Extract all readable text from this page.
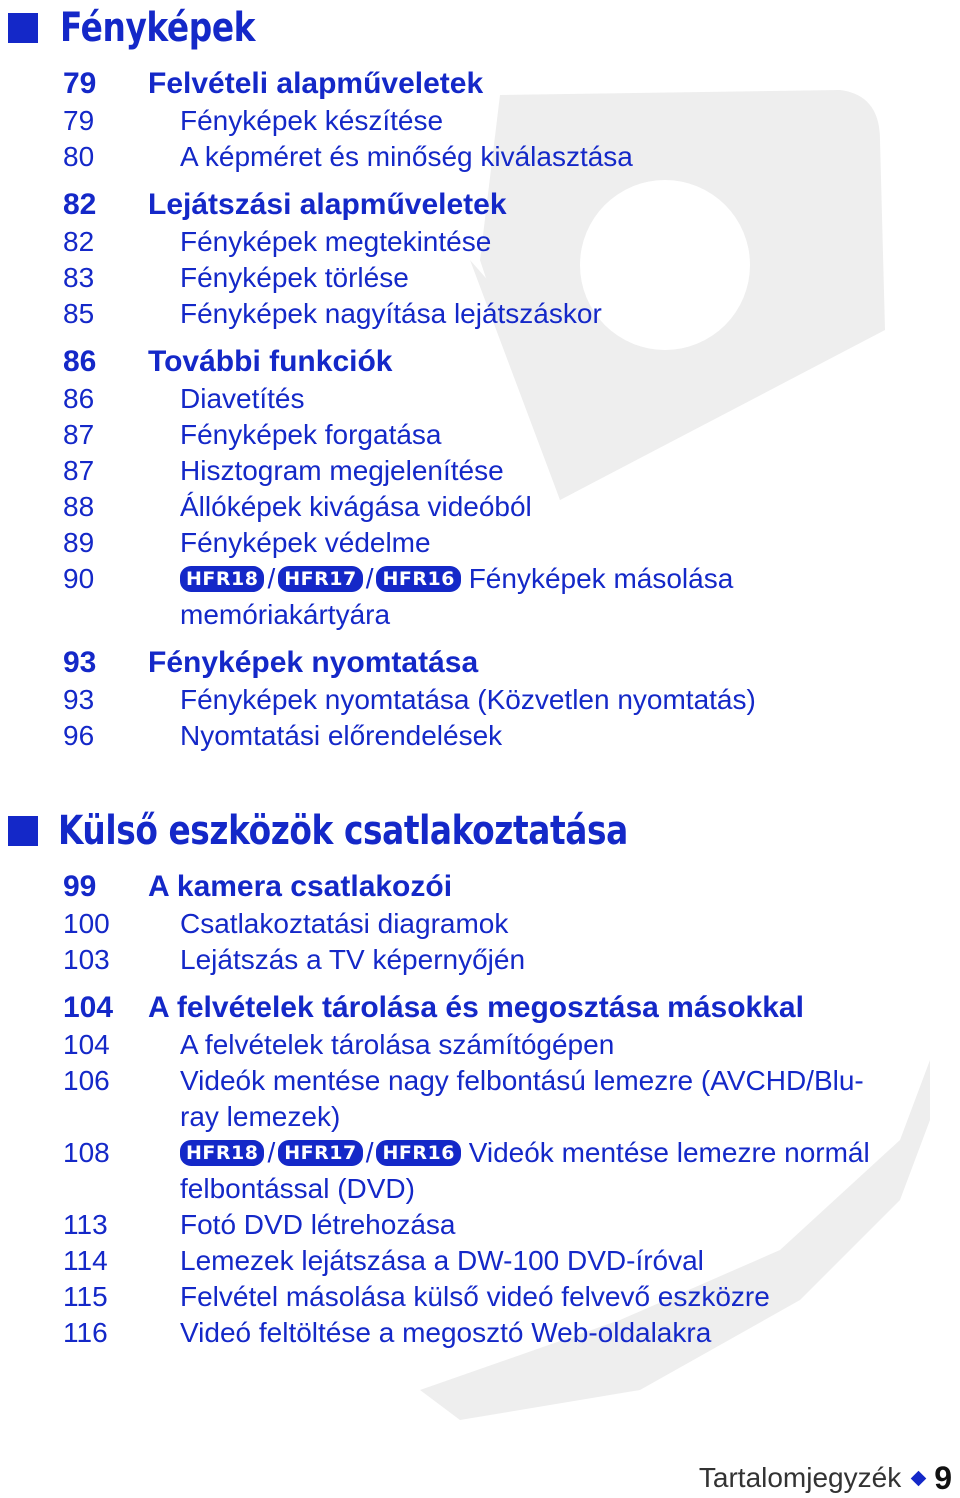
Fényképek
79 Felvételi alapműveletek
79	Fényképek készítése
80	A képméret és minőség kiválasztása
82 Lejátszási alapműveletek
82	Fényképek megtekintése
83	Fényképek törlése
85	Fényképek nagyítása lejátszáskor
86 További funkciók
86	Diavetítés
87	Fényképek forgatása
87	Hisztogram megjelenítése
88	Állóképek kivágása videóból
89	Fényképek védelme
90	HFR18 / HFR17 / HFR16 Fényképek másolása
memóriakártyára
93 Fényképek nyomtatása
93	Fényképek nyomtatása (Közvetlen nyomtatás)
96	Nyomtatási előrendelések
Külső eszközök csatlakoztatása
99 A kamera csatlakozói
100	Csatlakoztatási diagramok
103	Lejátszás a TV képernyőjén
104 A felvételek tárolása és megosztása másokkal
104	A felvételek tárolása számítógépen
106	Videók mentése nagy felbontású lemezre (AVCHD/Blu-
ray lemezek)
108	HFR18 / HFR17 / HFR16 Videók mentése lemezre normál
felbontással (DVD)
113	Fotó DVD létrehozása
114	Lemezek lejátszása a DW-100 DVD-íróval
115	Felvétel másolása külső videó felvevő eszközre
116	Videó feltöltése a megosztó Web-oldalakra
Tartalomjegyzék 9
